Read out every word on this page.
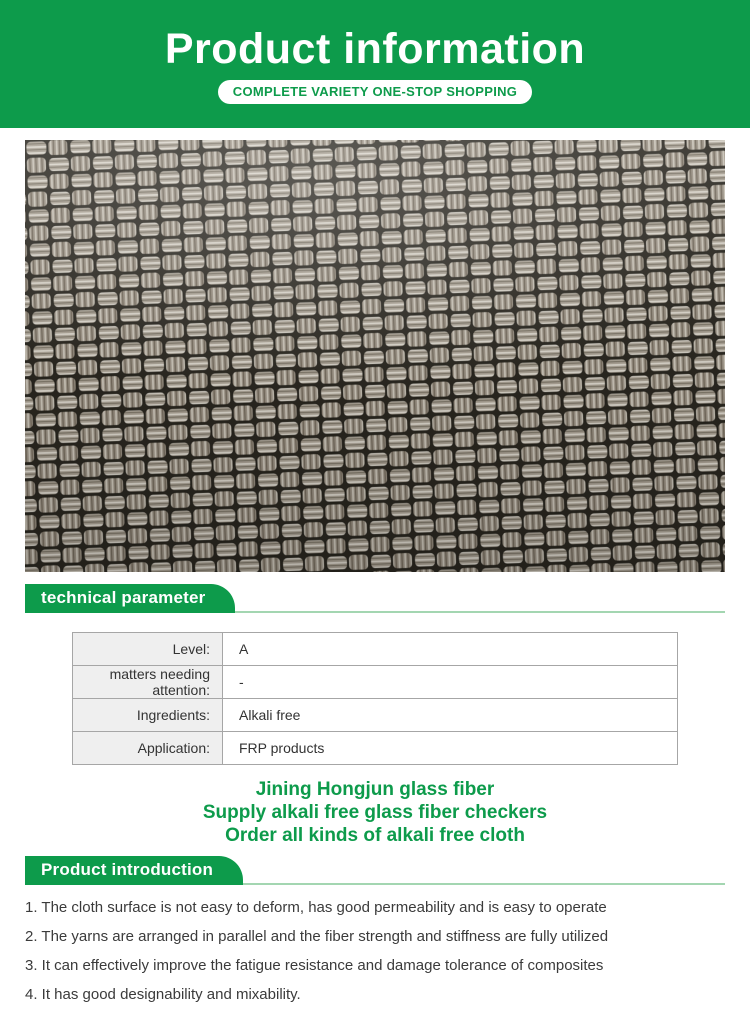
Product information
COMPLETE VARIETY ONE-STOP SHOPPING
technical parameter
Level:	A
matters needing attention:	-
Ingredients:	Alkali free
Application:	FRP products
Jining Hongjun glass fiber
Supply alkali free glass fiber checkers
Order all kinds of alkali free cloth
Product introduction
1. The cloth surface is not easy to deform, has good permeability and is easy to operate
2. The yarns are arranged in parallel and the fiber strength and stiffness are fully utilized
3. It can effectively improve the fatigue resistance and damage tolerance of composites
4. It has good designability and mixability.
